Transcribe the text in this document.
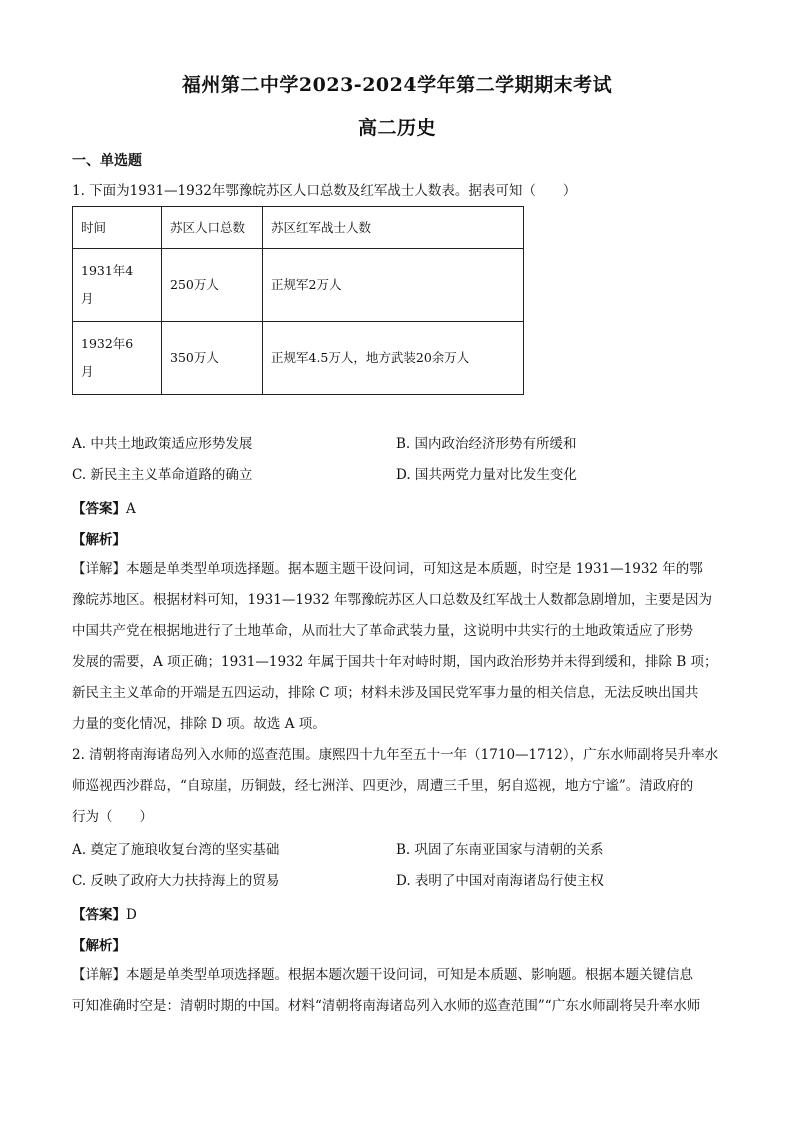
福州第二中学2023-2024学年第二学期期末考试
高二历史
一、单选题
1. 下面为1931—1932年鄂豫皖苏区人口总数及红军战士人数表。据表可知（　　）
时间	苏区人口总数	苏区红军战士人数
1931年4
月	250万人	正规军2万人
1932年6
月	350万人	正规军4.5万人，地方武装20余万人
A. 中共土地政策适应形势发展	B. 国内政治经济形势有所缓和
C. 新民主主义革命道路的确立	D. 国共两党力量对比发生变化
【答案】A
【解析】
【详解】本题是单类型单项选择题。据本题主题干设问词，可知这是本质题，时空是 1931—1932 年的鄂
豫皖苏地区。根据材料可知，1931—1932 年鄂豫皖苏区人口总数及红军战士人数都急剧增加，主要是因为
中国共产党在根据地进行了土地革命，从而壮大了革命武装力量，这说明中共实行的土地政策适应了形势
发展的需要，A 项正确；1931—1932 年属于国共十年对峙时期，国内政治形势并未得到缓和，排除 B 项；
新民主主义革命的开端是五四运动，排除 C 项；材料未涉及国民党军事力量的相关信息，无法反映出国共
力量的变化情况，排除 D 项。故选 A 项。
2. 清朝将南海诸岛列入水师的巡查范围。康熙四十九年至五十一年（1710—1712），广东水师副将吴升率水
师巡视西沙群岛，“自琼崖，历铜鼓，经七洲洋、四更沙，周遭三千里，躬自巡视，地方宁谧”。清政府的
行为（　　）
A. 奠定了施琅收复台湾的坚实基础	B. 巩固了东南亚国家与清朝的关系
C. 反映了政府大力扶持海上的贸易	D. 表明了中国对南海诸岛行使主权
【答案】D
【解析】
【详解】本题是单类型单项选择题。根据本题次题干设问词，可知是本质题、影响题。根据本题关键信息
可知准确时空是：清朝时期的中国。材料“清朝将南海诸岛列入水师的巡查范围”“广东水师副将吴升率水师
